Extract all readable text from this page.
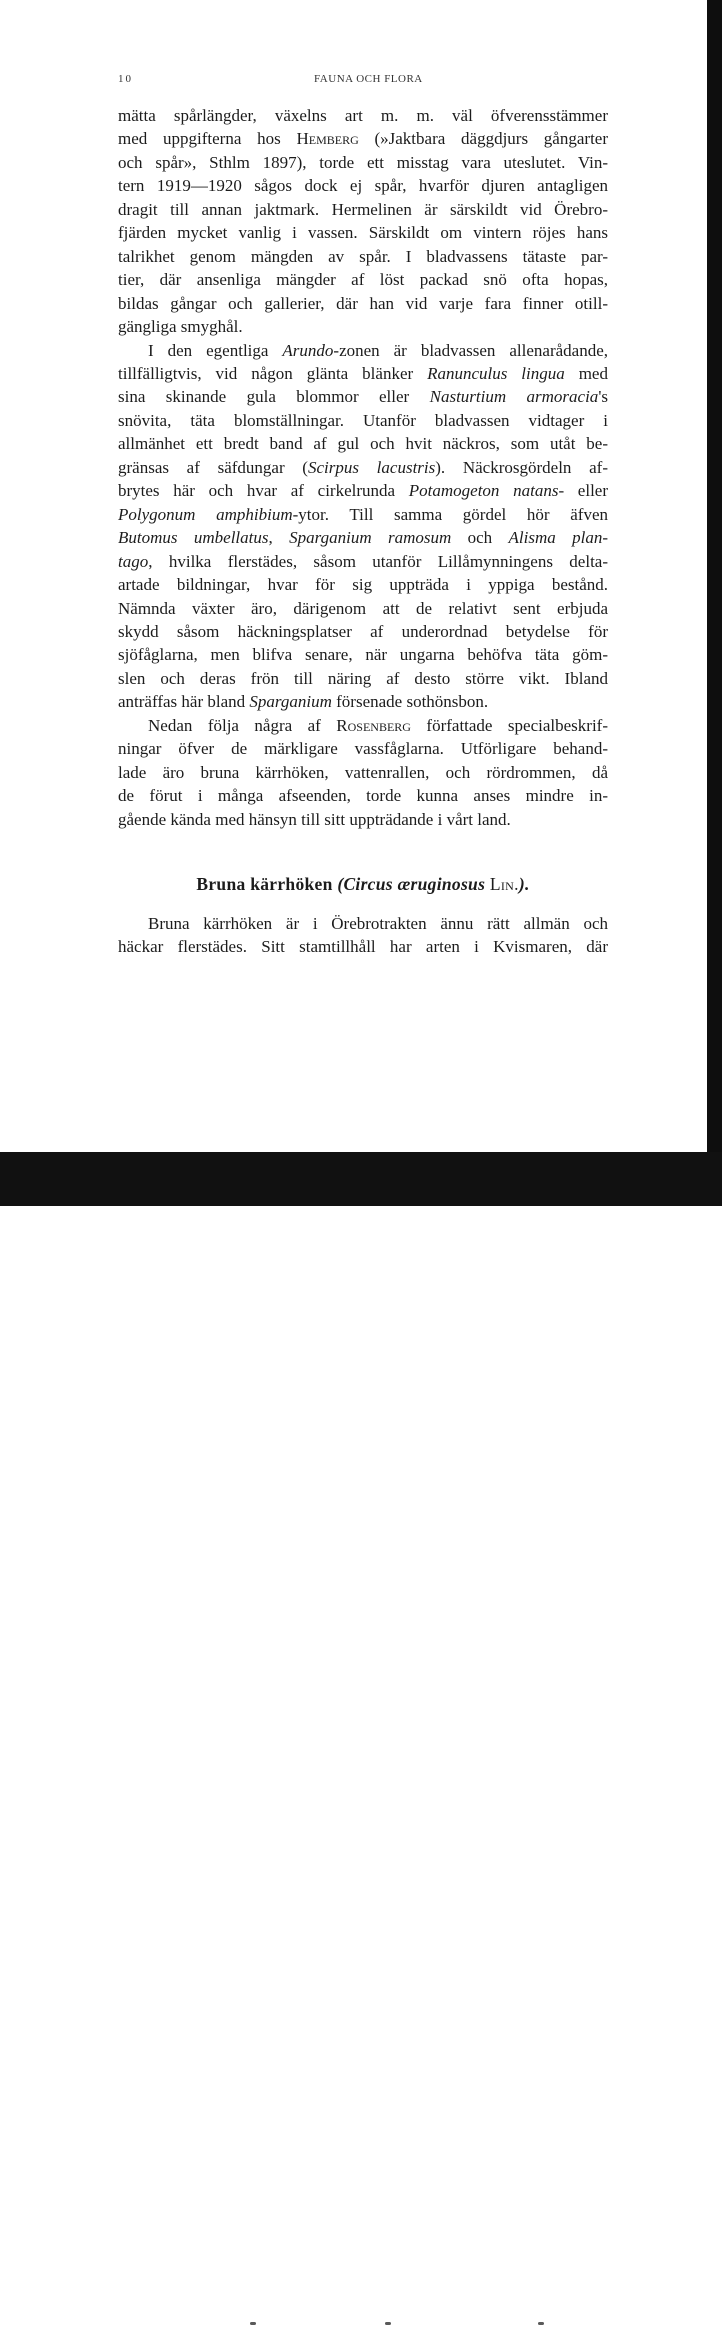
10	FAUNA OCH FLORA
mätta spårlängder, växelns art m. m. väl öfverensstämmer
med uppgifterna hos Hemberg (»Jaktbara däggdjurs gångarter
och spår», Sthlm 1897), torde ett misstag vara uteslutet. Vin-
tern 1919—1920 sågos dock ej spår, hvarför djuren antagligen
dragit till annan jaktmark. Hermelinen är särskildt vid Örebro-
fjärden mycket vanlig i vassen. Särskildt om vintern röjes hans
talrikhet genom mängden av spår. I bladvassens tätaste par-
tier, där ansenliga mängder af löst packad snö ofta hopas,
bildas gångar och gallerier, där han vid varje fara finner otill-
gängliga smyghål.
I den egentliga Arundo-zonen är bladvassen allenarådande,
tillfälligtvis, vid någon glänta blänker Ranunculus lingua med
sina skinande gula blommor eller Nasturtium armoracia's
snövita, täta blomställningar. Utanför bladvassen vidtager i
allmänhet ett bredt band af gul och hvit näckros, som utåt be-
gränsas af säfdungar (Scirpus lacustris). Näckrosgördeln af-
brytes här och hvar af cirkelrunda Potamogeton natans- eller
Polygonum amphibium-ytor. Till samma gördel hör äfven
Butomus umbellatus, Sparganium ramosum och Alisma plan-
tago, hvilka flerstädes, såsom utanför Lillåmynningens delta-
artade bildningar, hvar för sig uppträda i yppiga bestånd.
Nämnda växter äro, därigenom att de relativt sent erbjuda
skydd såsom häckningsplatser af underordnad betydelse för
sjöfåglarna, men blifva senare, när ungarna behöfva täta göm-
slen och deras frön till näring af desto större vikt. Ibland
anträffas här bland Sparganium försenade sothönsbon.
Nedan följa några af Rosenberg författade specialbeskrif-
ningar öfver de märkligare vassfåglarna. Utförligare behand-
lade äro bruna kärrhöken, vattenrallen, och rördrommen, då
de förut i många afseenden, torde kunna anses mindre in-
gående kända med hänsyn till sitt uppträdande i vårt land.
Bruna kärrhöken (Circus æruginosus Lin.).
Bruna kärrhöken är i Örebrotrakten ännu rätt allmän och
häckar flerstädes. Sitt stamtillhåll har arten i Kvismaren, där
